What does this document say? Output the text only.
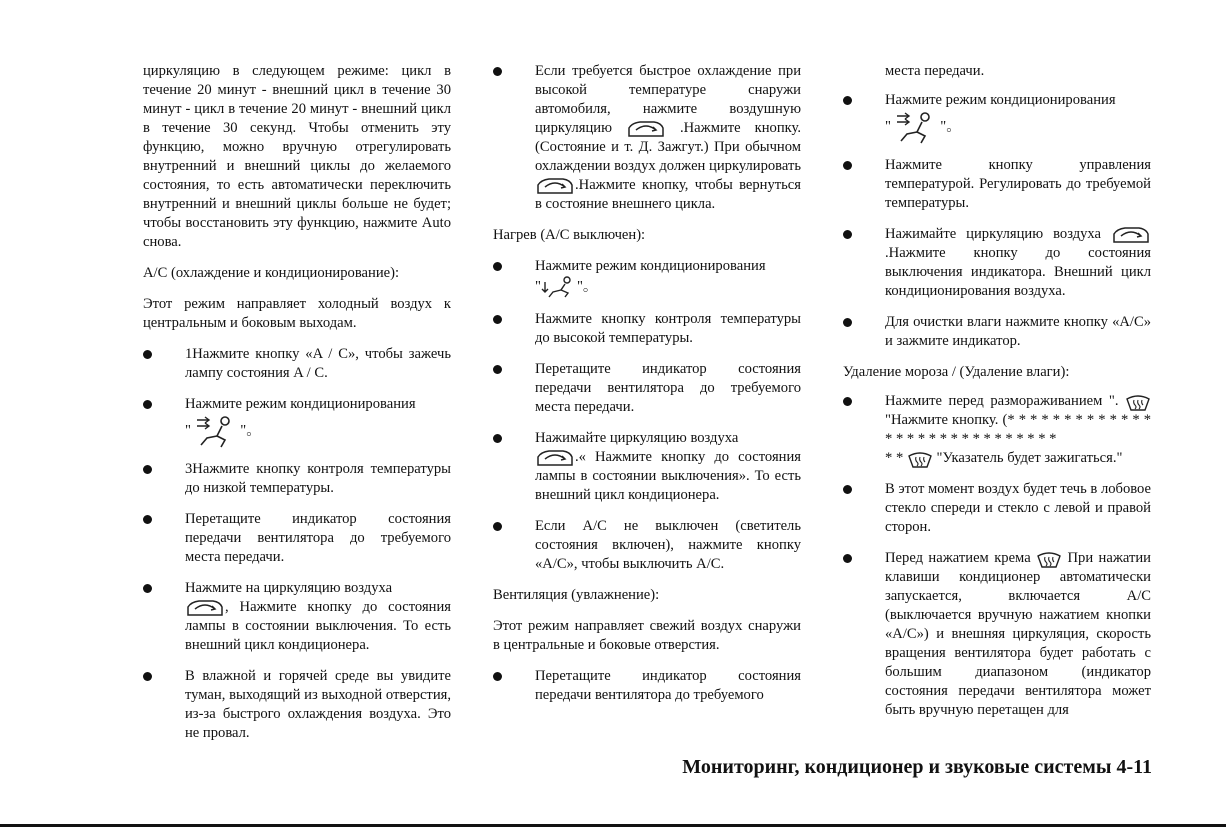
циркуляцию в следующем режиме: цикл в течение 20 минут - внешний цикл в течение 30 минут - цикл в течение 20 минут - внешний цикл в течение 30 секунд. Чтобы отменить эту функцию, можно вручную отрегулировать внутренний и внешний циклы до желаемого состояния, то есть автоматически переключить внутренний и внешний циклы больше не будет; чтобы восстановить эту функцию, нажмите Auto снова.

A/C (охлаждение и кондиционирование):

Этот режим направляет холодный воздух к центральным и боковым выходам.

1Нажмите кнопку «A / C», чтобы зажечь лампу состояния A / C.
Нажмите режим кондиционирования
"	"。
3Нажмите кнопку контроля температуры до низкой температуры.
Перетащите индикатор состояния передачи вентилятора до требуемого места передачи.
Нажмите на циркуляцию воздуха
, Нажмите кнопку до состояния лампы в состоянии выключения. То есть внешний цикл кондиционера.
В влажной и горячей среде вы увидите туман, выходящий из выходной отверстия, из-за быстрого охлаждения воздуха. Это не провал.
Если требуется быстрое охлаждение при высокой температуре снаружи автомобиля, нажмите воздушную циркуляцию	.Нажмите кнопку. (Состояние и т. Д. Зажгут.) При обычном охлаждении воздух должен циркулировать .Нажмите кнопку, чтобы вернуться в состояние внешнего цикла.

Нагрев (A/C выключен):

Нажмите режим кондиционирования
" "。
Нажмите кнопку контроля температуры до высокой температуры.
Перетащите индикатор состояния передачи вентилятора до требуемого места передачи.
Нажимайте циркуляцию воздуха
.« Нажмите кнопку до состояния лампы в состоянии выключения». То есть внешний цикл кондиционера.
Если A/C не выключен (светитель состояния включен), нажмите кнопку «A/C», чтобы выключить A/C.

Вентиляция (увлажнение):

Этот режим направляет свежий воздух снаружи в центральные и боковые отверстия.

Перетащите индикатор состояния передачи вентилятора до требуемого
места передачи.
Нажмите режим кондиционирования
"	"。
Нажмите кнопку управления температурой. Регулировать до требуемой температуры.
Нажимайте циркуляцию воздуха .Нажмите кнопку до состояния выключения индикатора. Внешний цикл кондиционирования воздуха.
Для очистки влаги нажмите кнопку «A/C» и зажмите индикатор.

Удаление мороза / (Удаление влаги):

Нажмите перед размораживанием ".  "Нажмите кнопку. (* * * * * * * * * * * * * * * * * * * * * * * * * * * * *
* *  "Указатель будет зажигаться."
В этот момент воздух будет течь в лобовое стекло спереди и стекло с левой и правой сторон.
Перед нажатием крема	При нажатии клавиши кондиционер автоматически запускается, включается A/C (выключается вручную нажатием кнопки «A/C») и внешняя циркуляция, скорость вращения вентилятора будет работать с большим диапазоном (индикатор состояния передачи вентилятора может быть вручную перетащен для
Мониторинг, кондиционер и звуковые системы 4-11
